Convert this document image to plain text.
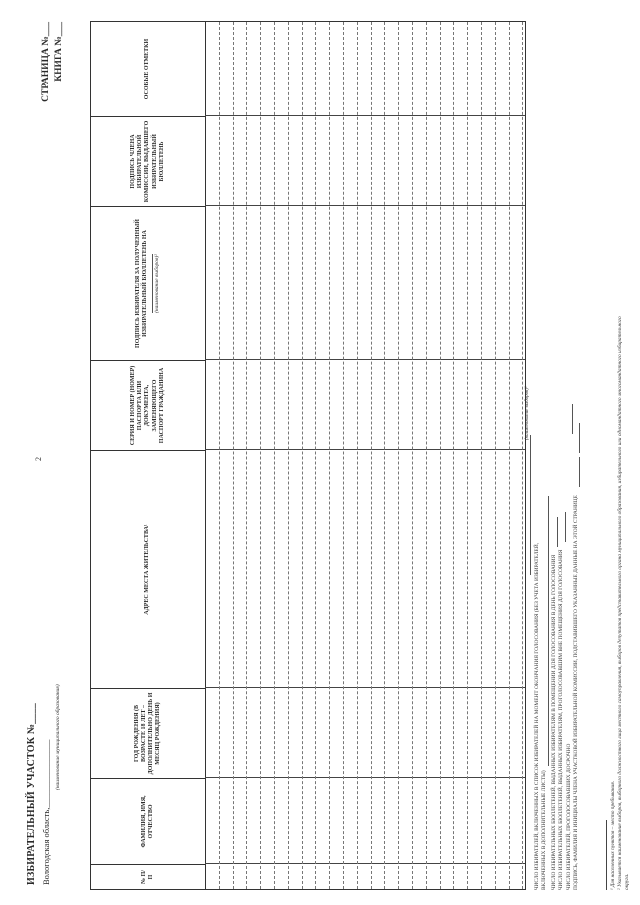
ИЗБИРАТЕЛЬНЫЙ УЧАСТОК №____ Вологодская область,________________
(наименование муниципального образования)
2
СТРАНИЦА №___ КНИГА №___
№ П/П
ФАМИЛИЯ, ИМЯ, ОТЧЕСТВО
ГОД РОЖДЕНИЯ (В ВОЗРАСТЕ 18 ЛЕТ – ДОПОЛНИТЕЛЬНО ДЕНЬ И МЕСЯЦ РОЖДЕНИЯ)
АДРЕС МЕСТА ЖИТЕЛЬСТВА¹
СЕРИЯ И НОМЕР (НОМЕР) ПАСПОРТА ИЛИ ДОКУМЕНТА, ЗАМЕНЯЮЩЕГО ПАСПОРТ ГРАЖДАНИНА
ПОДПИСЬ ИЗБИРАТЕЛЯ ЗА ПОЛУЧЕННЫЙ ИЗБИРАТЕЛЬНЫЙ БЮЛЛЕТЕНЬ НА	(наименование выборов)²
ПОДПИСЬ ЧЛЕНА ИЗБИРАТЕЛЬНОЙ КОМИССИИ, ВЫДАВШЕГО ИЗБИРАТЕЛЬНЫЙ БЮЛЛЕТЕНЬ
ОСОБЫЕ ОТМЕТКИ
ЧИСЛО ИЗБИРАТЕЛЕЙ, ВКЛЮЧЕННЫХ В СПИСОК ИЗБИРАТЕЛЕЙ НА МОМЕНТ ОКОНЧАНИЯ ГОЛОСОВАНИЯ (БЕЗ УЧЕТА ИЗБИРАТЕЛЕЙ, ВКЛЮЧЕННЫХ В ДОПОЛНИТЕЛЬНЫЕ ЛИСТЫ) ЧИСЛО ИЗБИРАТЕЛЬНЫХ БЮЛЛЕТЕНЕЙ, ВЫДАННЫХ ИЗБИРАТЕЛЯМ В ПОМЕЩЕНИИ ДЛЯ ГОЛОСОВАНИЯ В ДЕНЬ ГОЛОСОВАНИЯ ЧИСЛО ИЗБИРАТЕЛЬНЫХ БЮЛЛЕТЕНЕЙ, ВЫДАННЫХ ИЗБИРАТЕЛЯМ, ПРОГОЛОСОВАВШИМ ВНЕ ПОМЕЩЕНИЯ ДЛЯ ГОЛОСОВАНИЯ ЧИСЛО ИЗБИРАТЕЛЕЙ, ПРОГОЛОСОВАВШИХ ДОСРОЧНО ПОДПИСЬ, ФАМИЛИЯ И ИНИЦИАЛЫ ЧЛЕНА УЧАСТКОВОЙ ИЗБИРАТЕЛЬНОЙ КОМИССИИ, ПОДСТАВИВШЕГО УКАЗАННЫЕ ДАННЫЕ НА ЭТОЙ СТРАНИЦЕ
(наименование выборов)²
¹ Для населенных пунктов – место пребывания. ² Указывается наименование выборов, выборного должностного лица местного самоуправления, выборов депутатов представительного органа муниципального образования, избирательного или одномандатного многомандатного избирательного округа.
